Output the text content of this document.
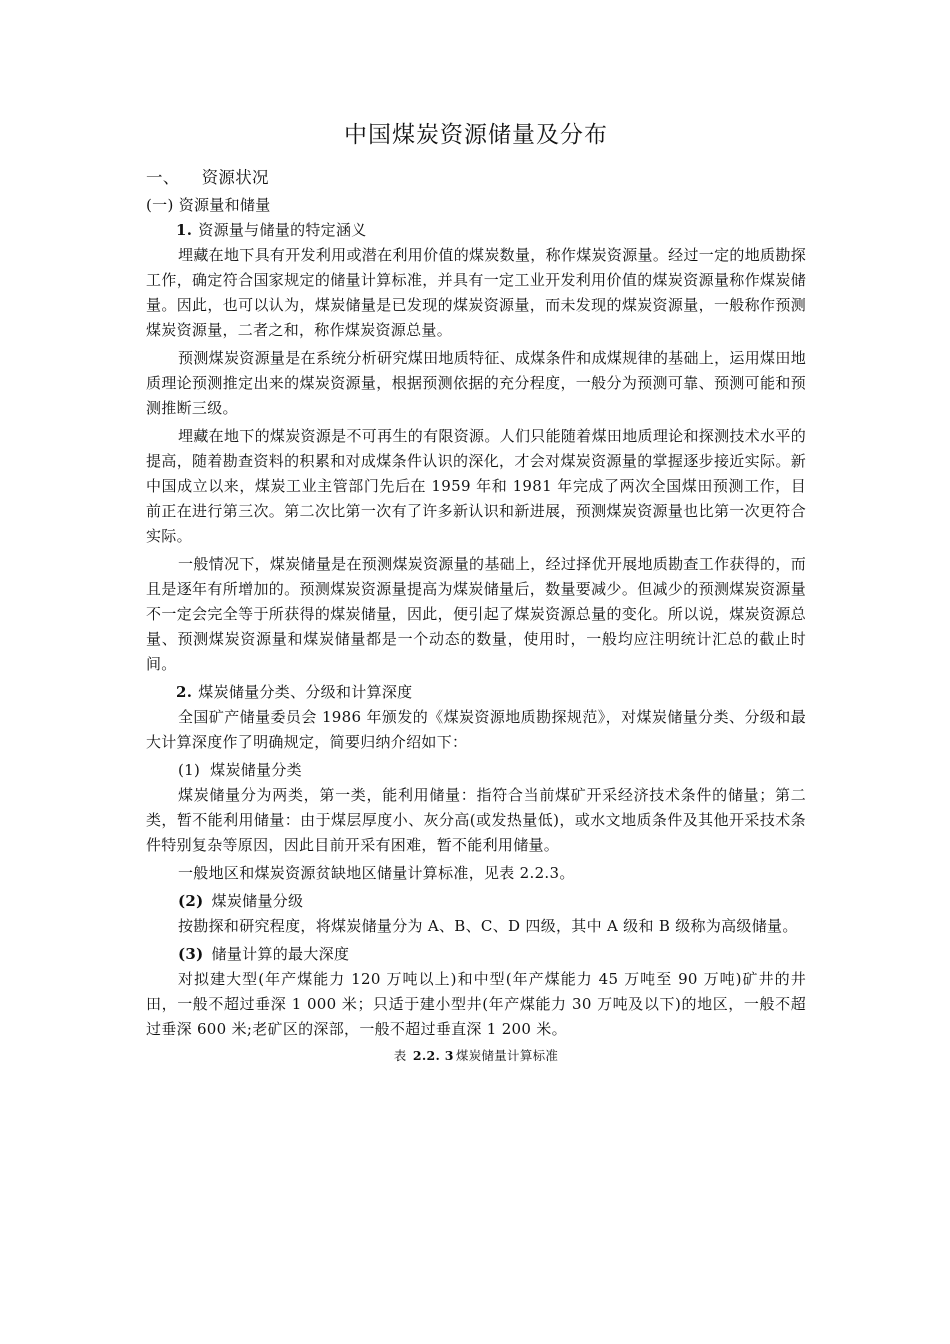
中国煤炭资源储量及分布
一、 资源状况
(一) 资源量和储量
1. 资源量与储量的特定涵义

埋藏在地下具有开发利用或潜在利用价值的煤炭数量，称作煤炭资源量。经过一定的地质勘探工作，确定符合国家规定的储量计算标准，并具有一定工业开发利用价值的煤炭资源量称作煤炭储量。因此，也可以认为，煤炭储量是已发现的煤炭资源量，而未发现的煤炭资源量，一般称作预测煤炭资源量，二者之和，称作煤炭资源总量。

预测煤炭资源量是在系统分析研究煤田地质特征、成煤条件和成煤规律的基础上，运用煤田地质理论预测推定出来的煤炭资源量，根据预测依据的充分程度，一般分为预测可靠、预测可能和预测推断三级。

埋藏在地下的煤炭资源是不可再生的有限资源。人们只能随着煤田地质理论和探测技术水平的提高，随着勘查资料的积累和对成煤条件认识的深化，才会对煤炭资源量的掌握逐步接近实际。新中国成立以来，煤炭工业主管部门先后在 1959 年和 1981 年完成了两次全国煤田预测工作，目前正在进行第三次。第二次比第一次有了许多新认识和新进展，预测煤炭资源量也比第一次更符合实际。

一般情况下，煤炭储量是在预测煤炭资源量的基础上，经过择优开展地质勘查工作获得的，而且是逐年有所增加的。预测煤炭资源量提高为煤炭储量后，数量要减少。但减少的预测煤炭资源量不一定会完全等于所获得的煤炭储量，因此，便引起了煤炭资源总量的变化。所以说，煤炭资源总量、预测煤炭资源量和煤炭储量都是一个动态的数量，使用时，一般均应注明统计汇总的截止时间。

2. 煤炭储量分类、分级和计算深度

全国矿产储量委员会 1986 年颁发的《煤炭资源地质勘探规范》，对煤炭储量分类、分级和最大计算深度作了明确规定，简要归纳介绍如下：

(1) 煤炭储量分类

煤炭储量分为两类，第一类，能利用储量：指符合当前煤矿开采经济技术条件的储量；第二类，暂不能利用储量：由于煤层厚度小、灰分高(或发热量低)，或水文地质条件及其他开采技术条件特别复杂等原因，因此目前开采有困难，暂不能利用储量。

一般地区和煤炭资源贫缺地区储量计算标准，见表 2.2.3。

(2) 煤炭储量分级

按勘探和研究程度，将煤炭储量分为 A、B、C、D 四级，其中 A 级和 B 级称为高级储量。

(3) 储量计算的最大深度

对拟建大型(年产煤能力 120 万吨以上)和中型(年产煤能力 45 万吨至 90 万吨)矿井的井田，一般不超过垂深 1 000 米；只适于建小型井(年产煤能力 30 万吨及以下)的地区，一般不超过垂深 600 米;老矿区的深部，一般不超过垂直深 1 200 米。

表 2.2. 3 煤炭储量计算标准
